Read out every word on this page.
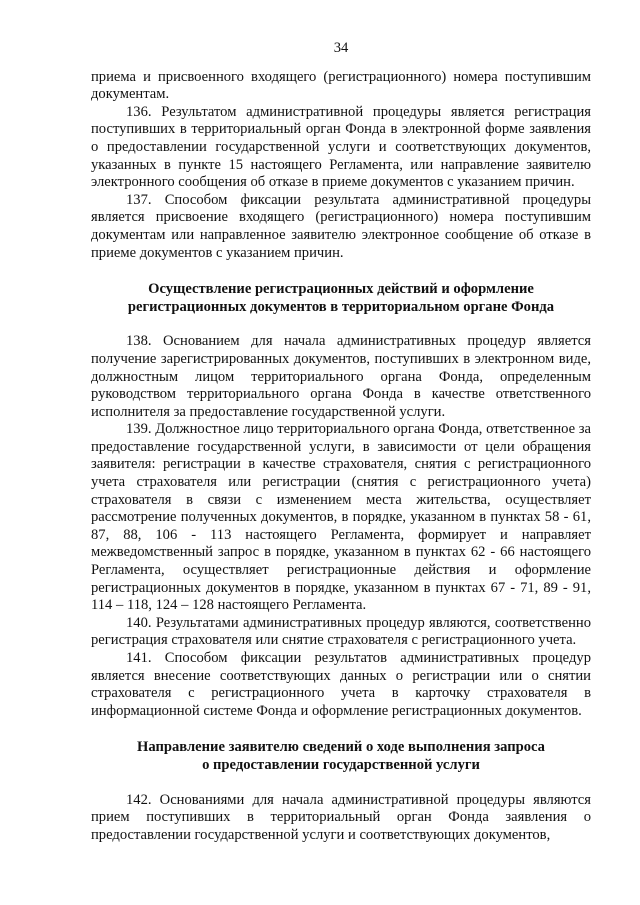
34

приема и присвоенного входящего (регистрационного) номера поступившим документам.

136. Результатом административной процедуры является регистрация поступивших в территориальный орган Фонда в электронной форме заявления о предоставлении государственной услуги и соответствующих документов, указанных в пункте 15 настоящего Регламента, или направление заявителю электронного сообщения об отказе в приеме документов с указанием причин.

137. Способом фиксации результата административной процедуры является присвоение входящего (регистрационного) номера поступившим документам или направленное заявителю электронное сообщение об отказе в приеме документов с указанием причин.

Осуществление регистрационных действий и оформление
регистрационных документов в территориальном органе Фонда

138. Основанием для начала административных процедур является получение зарегистрированных документов, поступивших в электронном виде, должностным лицом территориального органа Фонда, определенным руководством территориального органа Фонда в качестве ответственного исполнителя за предоставление государственной услуги.

139. Должностное лицо территориального органа Фонда, ответственное за предоставление государственной услуги, в зависимости от цели обращения заявителя: регистрации в качестве страхователя, снятия с регистрационного учета страхователя или регистрации (снятия с регистрационного учета) страхователя в связи с изменением места жительства, осуществляет рассмотрение полученных документов, в порядке, указанном в пунктах 58 - 61, 87, 88, 106 - 113 настоящего Регламента, формирует и направляет межведомственный запрос в порядке, указанном в пунктах 62 - 66 настоящего Регламента, осуществляет регистрационные действия и оформление регистрационных документов в порядке, указанном в пунктах 67 - 71, 89 - 91, 114 – 118, 124 – 128 настоящего Регламента.

140. Результатами административных процедур являются, соответственно регистрация страхователя или снятие страхователя с регистрационного учета.

141. Способом фиксации результатов административных процедур является внесение соответствующих данных о регистрации или о снятии страхователя с регистрационного учета в карточку страхователя в информационной системе Фонда и оформление регистрационных документов.

Направление заявителю сведений о ходе выполнения запроса
о предоставлении государственной услуги

142. Основаниями для начала административной процедуры являются прием поступивших в территориальный орган Фонда заявления о предоставлении государственной услуги и соответствующих документов,
